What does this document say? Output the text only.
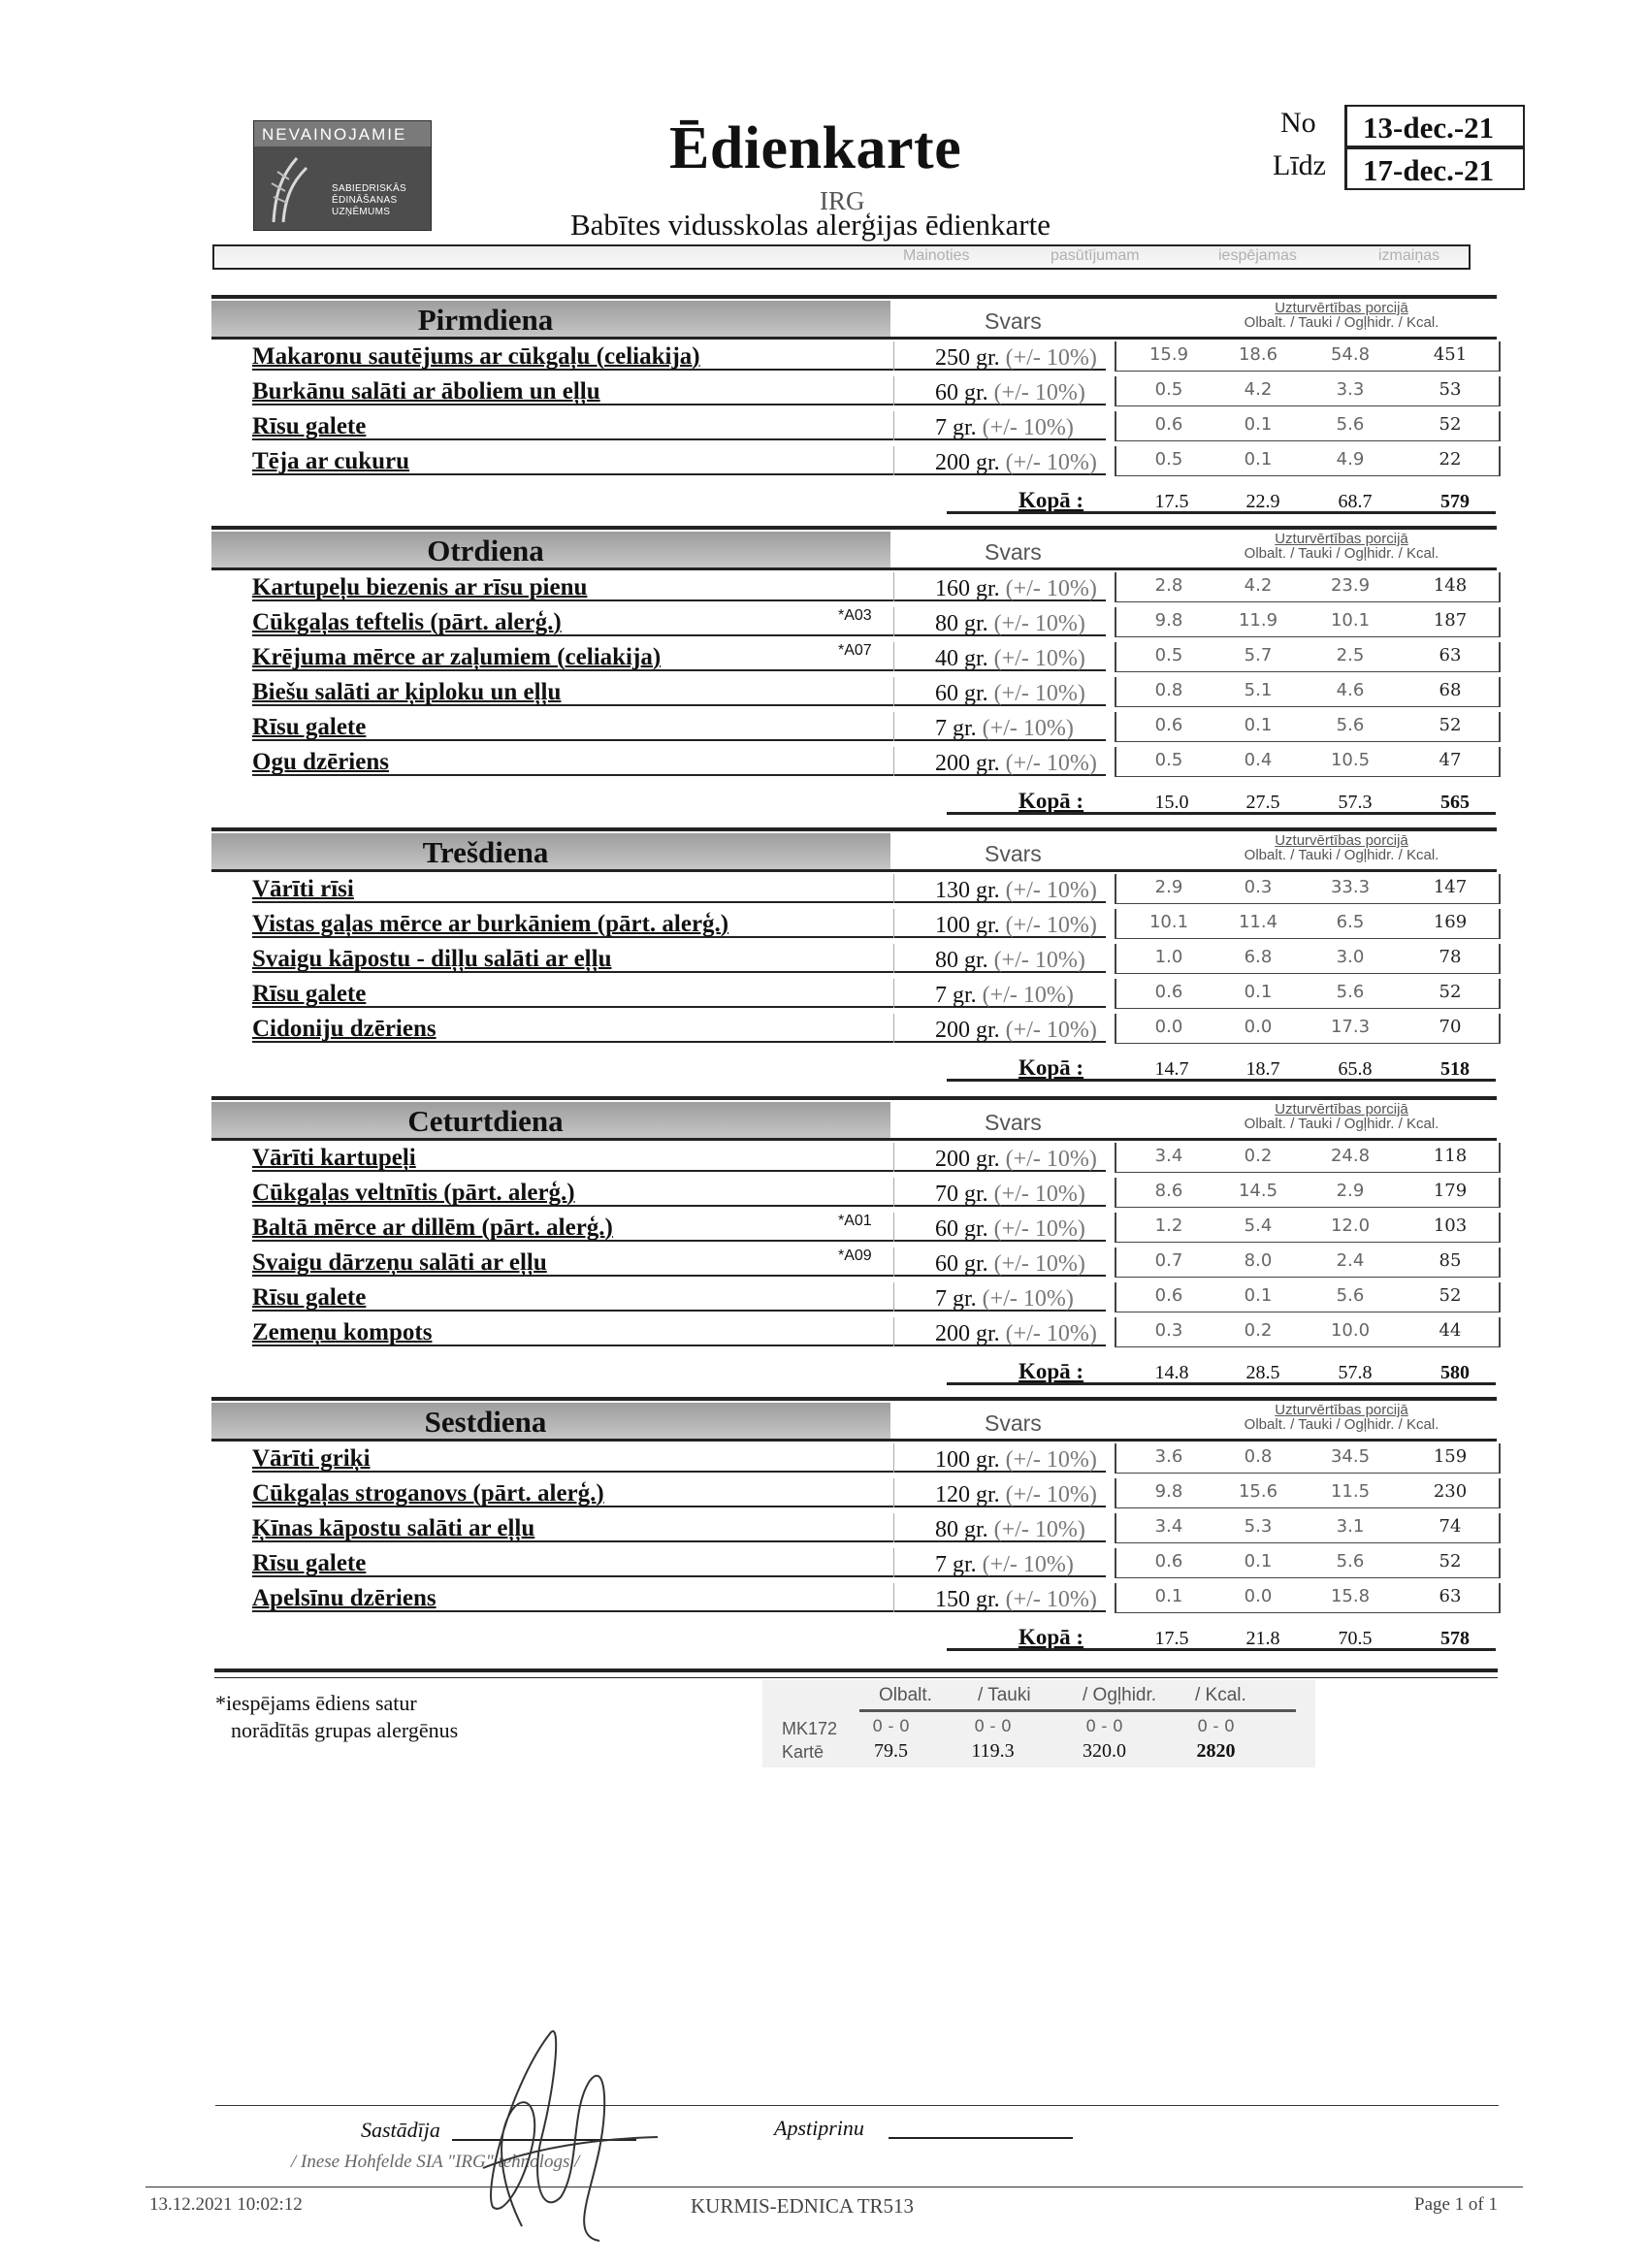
NEVAINOJAMIE
SABIEDRISKĀS
ĒDINĀŠANAS
UZŅĒMUMS
Ēdienkarte
IRG
Babītes vidusskolas alerģijas ēdienkarte
No	13-dec.-21
Līdz	17-dec.-21
Mainoties	pasūtījumam	iespējamas	izmaiņas
Pirmdiena	Svars
Uzturvērtības porcijā
Olbalt. / Tauki / Ogļhidr. / Kcal.
Makaronu sautējums ar cūkgaļu (celiakija)	250 gr. (+/- 10%)	15.9	18.6	54.8	451
Burkānu salāti ar āboliem un eļļu	60 gr. (+/- 10%)	0.5	4.2	3.3	53
Rīsu galete	7 gr. (+/- 10%)	0.6	0.1	5.6	52
Tēja ar cukuru	200 gr. (+/- 10%)	0.5	0.1	4.9	22
Kopā :	17.5	22.9	68.7	579
Otrdiena	Svars
Uzturvērtības porcijā
Olbalt. / Tauki / Ogļhidr. / Kcal.
Kartupeļu biezenis ar rīsu pienu	160 gr. (+/- 10%)	2.8	4.2	23.9	148
Cūkgaļas teftelis (pārt. alerģ.)	*A03	80 gr. (+/- 10%)	9.8	11.9	10.1	187
Krējuma mērce ar zaļumiem (celiakija)	*A07	40 gr. (+/- 10%)	0.5	5.7	2.5	63
Biešu salāti ar ķiploku un eļļu	60 gr. (+/- 10%)	0.8	5.1	4.6	68
Rīsu galete	7 gr. (+/- 10%)	0.6	0.1	5.6	52
Ogu dzēriens	200 gr. (+/- 10%)	0.5	0.4	10.5	47
Kopā :	15.0	27.5	57.3	565
Trešdiena	Svars
Uzturvērtības porcijā
Olbalt. / Tauki / Ogļhidr. / Kcal.
Vārīti rīsi	130 gr. (+/- 10%)	2.9	0.3	33.3	147
Vistas gaļas mērce ar burkāniem (pārt. alerģ.)	100 gr. (+/- 10%)	10.1	11.4	6.5	169
Svaigu kāpostu - diļļu salāti ar eļļu	80 gr. (+/- 10%)	1.0	6.8	3.0	78
Rīsu galete	7 gr. (+/- 10%)	0.6	0.1	5.6	52
Cidoniju dzēriens	200 gr. (+/- 10%)	0.0	0.0	17.3	70
Kopā :	14.7	18.7	65.8	518
Ceturtdiena	Svars
Uzturvērtības porcijā
Olbalt. / Tauki / Ogļhidr. / Kcal.
Vārīti kartupeļi	200 gr. (+/- 10%)	3.4	0.2	24.8	118
Cūkgaļas veltnītis (pārt. alerģ.)	70 gr. (+/- 10%)	8.6	14.5	2.9	179
Baltā mērce ar dillēm (pārt. alerģ.)	*A01	60 gr. (+/- 10%)	1.2	5.4	12.0	103
Svaigu dārzeņu salāti ar eļļu	*A09	60 gr. (+/- 10%)	0.7	8.0	2.4	85
Rīsu galete	7 gr. (+/- 10%)	0.6	0.1	5.6	52
Zemeņu kompots	200 gr. (+/- 10%)	0.3	0.2	10.0	44
Kopā :	14.8	28.5	57.8	580
Sestdiena	Svars
Uzturvērtības porcijā
Olbalt. / Tauki / Ogļhidr. / Kcal.
Vārīti griķi	100 gr. (+/- 10%)	3.6	0.8	34.5	159
Cūkgaļas stroganovs (pārt. alerģ.)	120 gr. (+/- 10%)	9.8	15.6	11.5	230
Ķīnas kāpostu salāti ar eļļu	80 gr. (+/- 10%)	3.4	5.3	3.1	74
Rīsu galete	7 gr. (+/- 10%)	0.6	0.1	5.6	52
Apelsīnu dzēriens	150 gr. (+/- 10%)	0.1	0.0	15.8	63
Kopā :	17.5	21.8	70.5	578
*iespējams ēdiens satur
norādītās grupas alergēnus
Olbalt. / Tauki	/ Ogļhidr. / Kcal.
MK172
Kartē
0 - 0	0 - 0	0 - 0	0 - 0
79.5	119.3	320.0	2820
Sastādīja	Apstiprinu
/ Inese Hohfelde SIA "IRG" tehnologs /
13.12.2021 10:02:12	KURMIS-EDNICA TR513	Page 1 of 1
